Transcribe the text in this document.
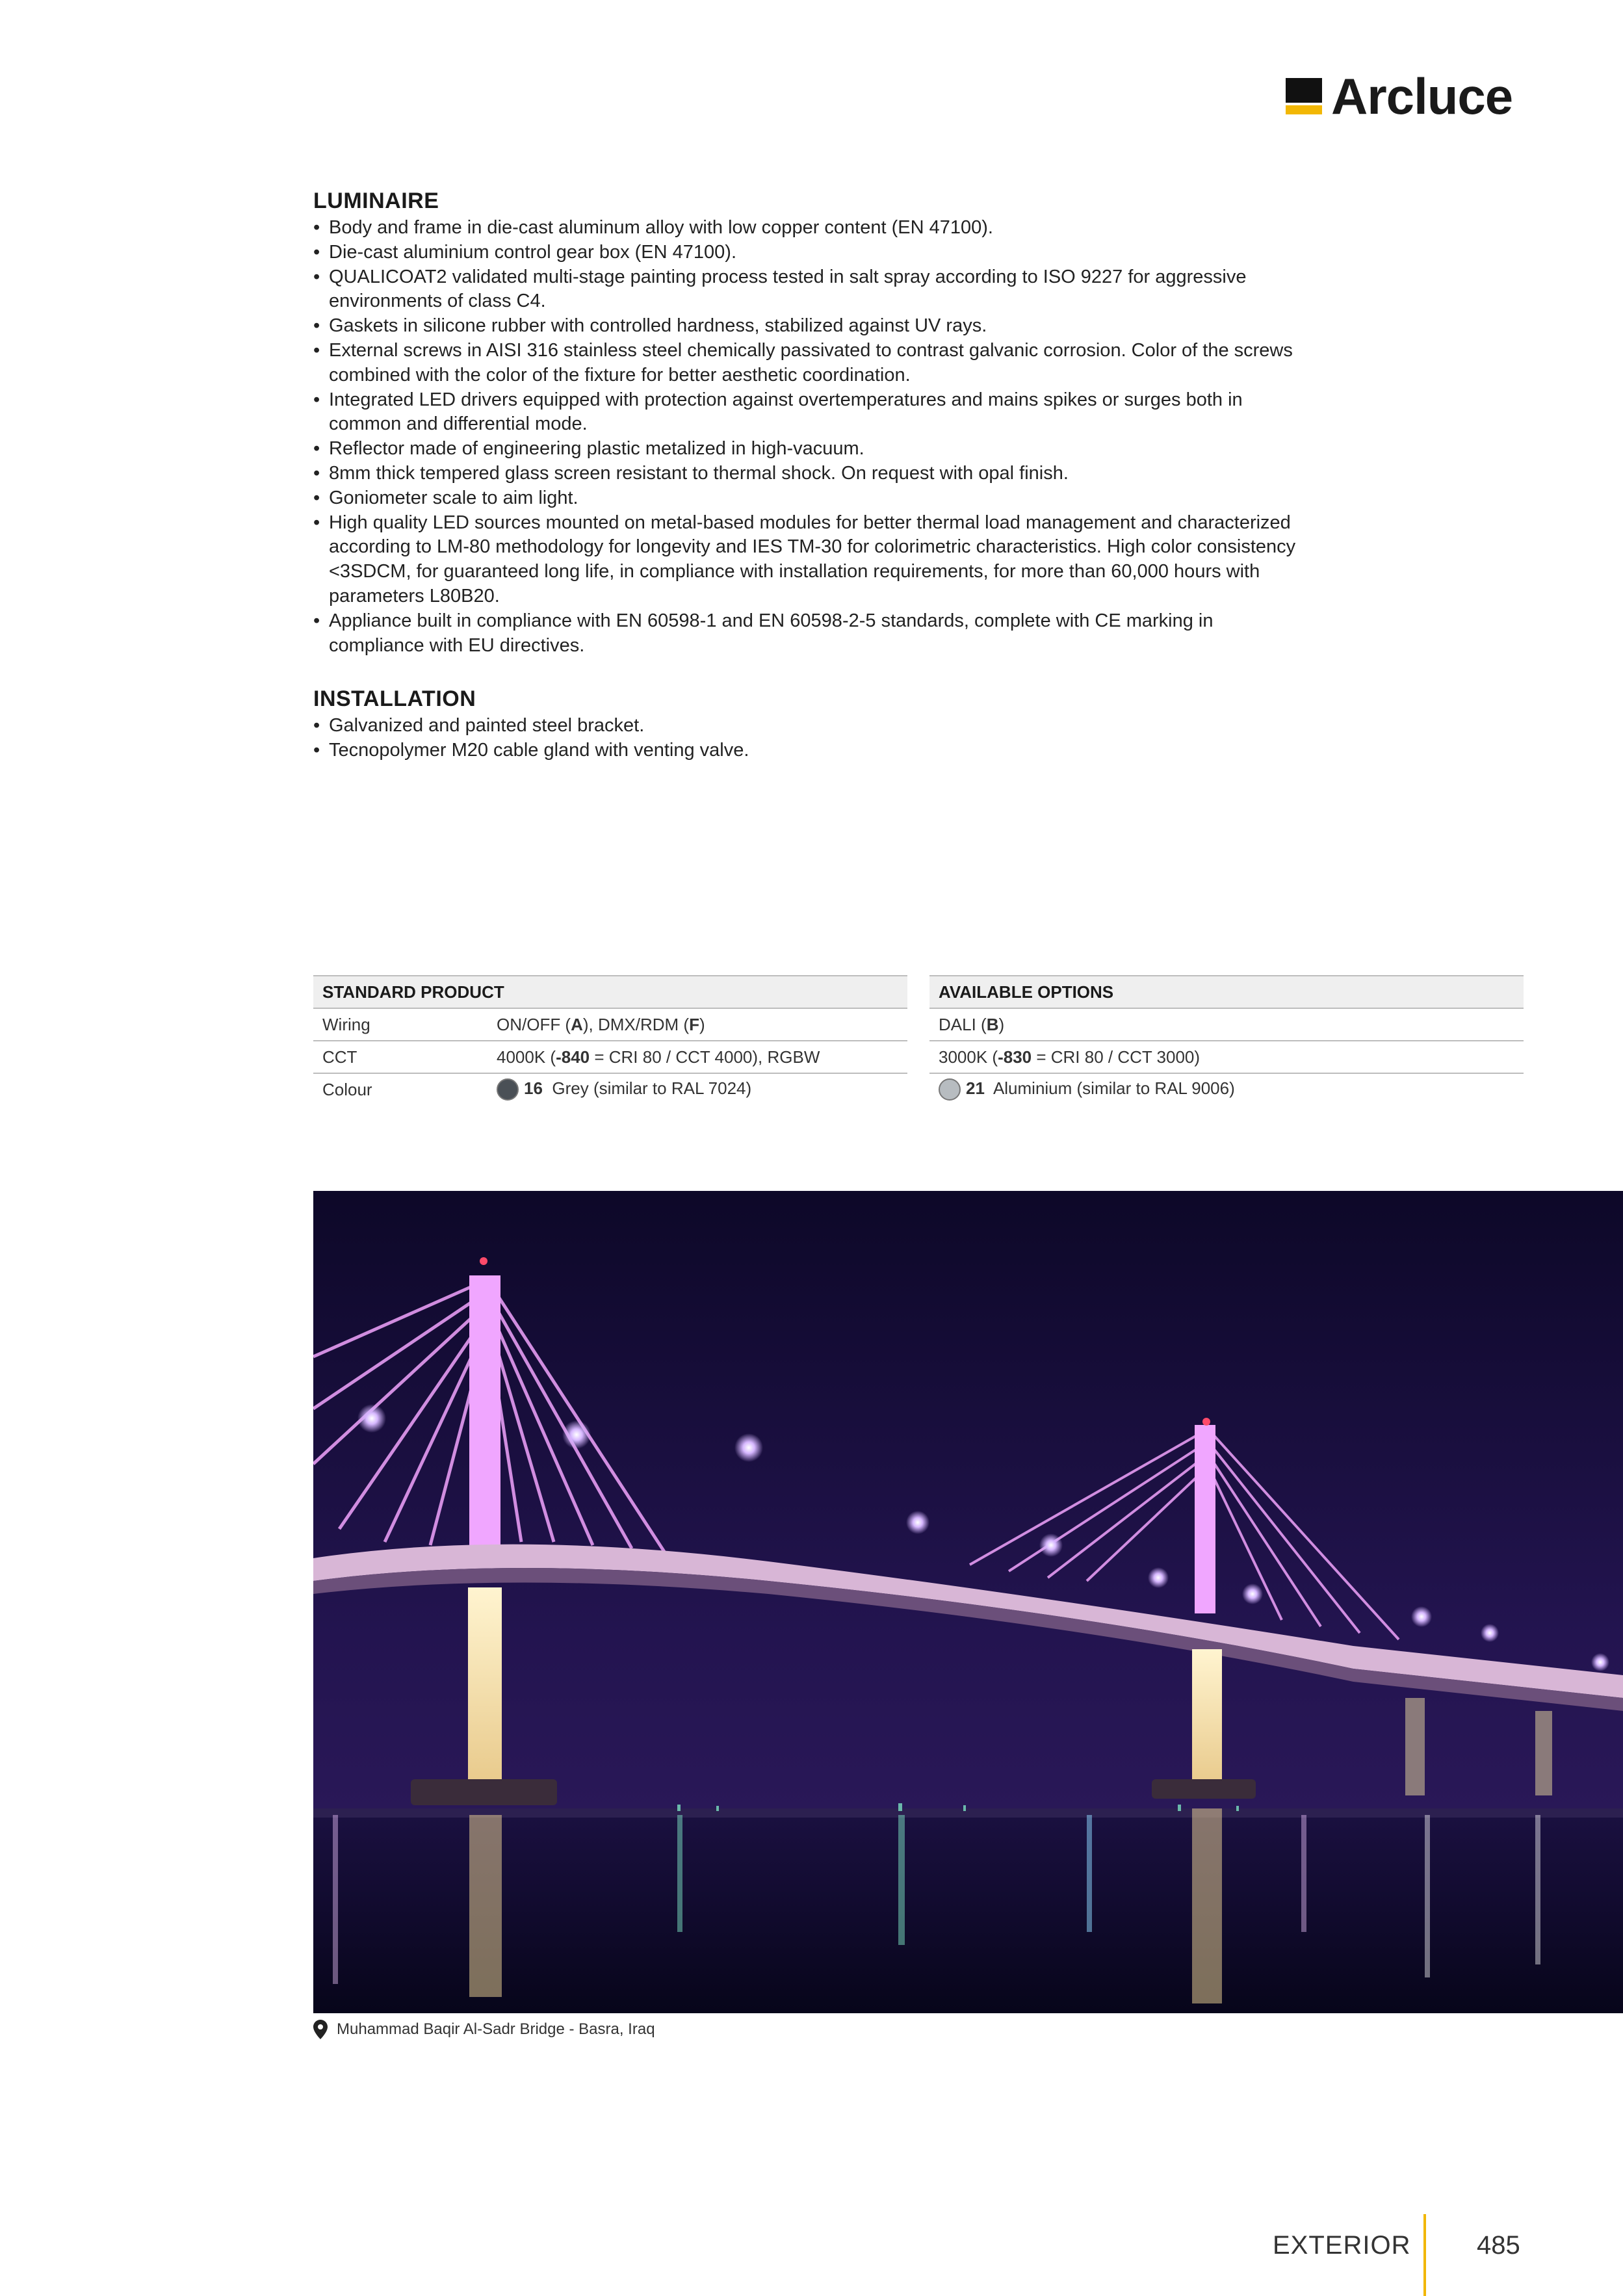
Arcluce
LUMINAIRE
• Body and frame in die-cast aluminum alloy with low copper content (EN 47100).
• Die-cast aluminium control gear box (EN 47100).
• QUALICOAT2 validated multi-stage painting process tested in salt spray according to ISO 9227 for aggressive environments of class C4.
• Gaskets in silicone rubber with controlled hardness, stabilized against UV rays.
• External screws in AISI 316 stainless steel chemically passivated to contrast galvanic corrosion. Color of the screws combined with the color of the fixture for better aesthetic coordination.
• Integrated LED drivers equipped with protection against overtemperatures and mains spikes or surges both in common and differential mode.
• Reflector made of engineering plastic metalized in high-vacuum.
• 8mm thick tempered glass screen resistant to thermal shock. On request with opal finish.
• Goniometer scale to aim light.
• High quality LED sources mounted on metal-based modules for better thermal load management and characterized according to LM-80 methodology for longevity and IES TM-30 for colorimetric characteristics. High color consistency <3SDCM, for guaranteed long life, in compliance with installation requirements, for more than 60,000 hours with parameters L80B20.
• Appliance built in compliance with EN 60598-1 and EN 60598-2-5 standards, complete with CE marking in compliance with EU directives.
INSTALLATION
• Galvanized and painted steel bracket.
• Tecnopolymer M20 cable gland with venting valve.
STANDARD PRODUCT	
Wiring	ON/OFF (A), DMX/RDM (F)
CCT	4000K (-840 = CRI 80 / CCT 4000), RGBW
Colour	16 Grey (similar to RAL 7024)
AVAILABLE OPTIONS
DALI (B)
3000K (-830 = CRI 80 / CCT 3000)
21 Aluminium (similar to RAL 9006)
Muhammad Baqir Al-Sadr Bridge - Basra, Iraq
EXTERIOR	485
